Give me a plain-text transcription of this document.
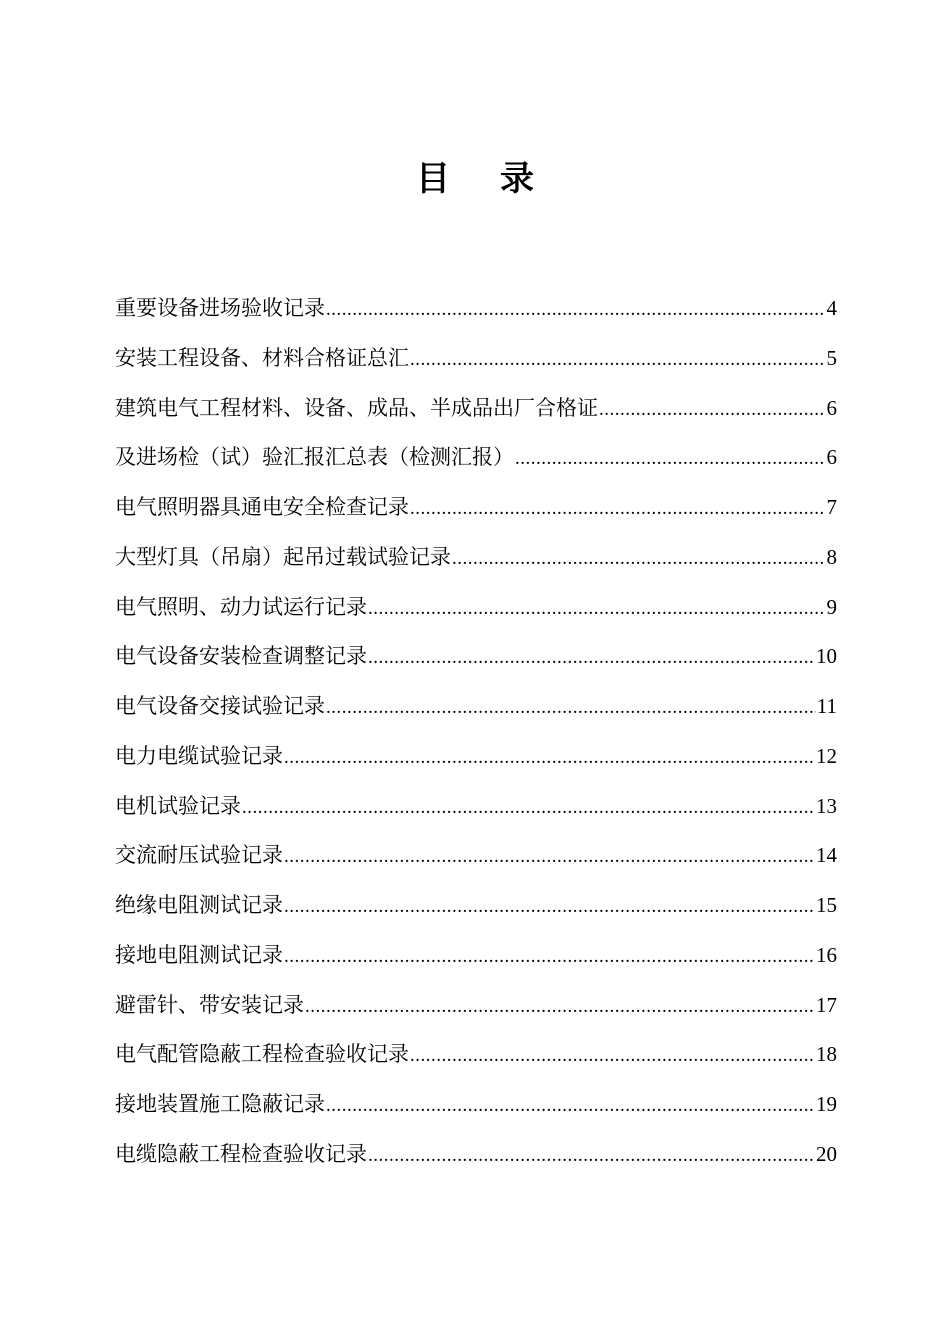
目 录
重要设备进场验收记录 .....	4
安装工程设备、材料合格证总汇 .....	5
建筑电气工程材料、设备、成品、半成品出厂合格证 .....	6
及进场检（试）验汇报汇总表（检测汇报） .....	6
电气照明器具通电安全检查记录 .....	7
大型灯具（吊扇）起吊过载试验记录 .....	8
电气照明、动力试运行记录 .....	9
电气设备安装检查调整记录 .....	10
电气设备交接试验记录 .....	11
电力电缆试验记录 .....	12
电机试验记录 .....	13
交流耐压试验记录 .....	14
绝缘电阻测试记录 .....	15
接地电阻测试记录 .....	16
避雷针、带安装记录 .....	17
电气配管隐蔽工程检查验收记录 .....	18
接地装置施工隐蔽记录 .....	19
电缆隐蔽工程检查验收记录 .....	20
